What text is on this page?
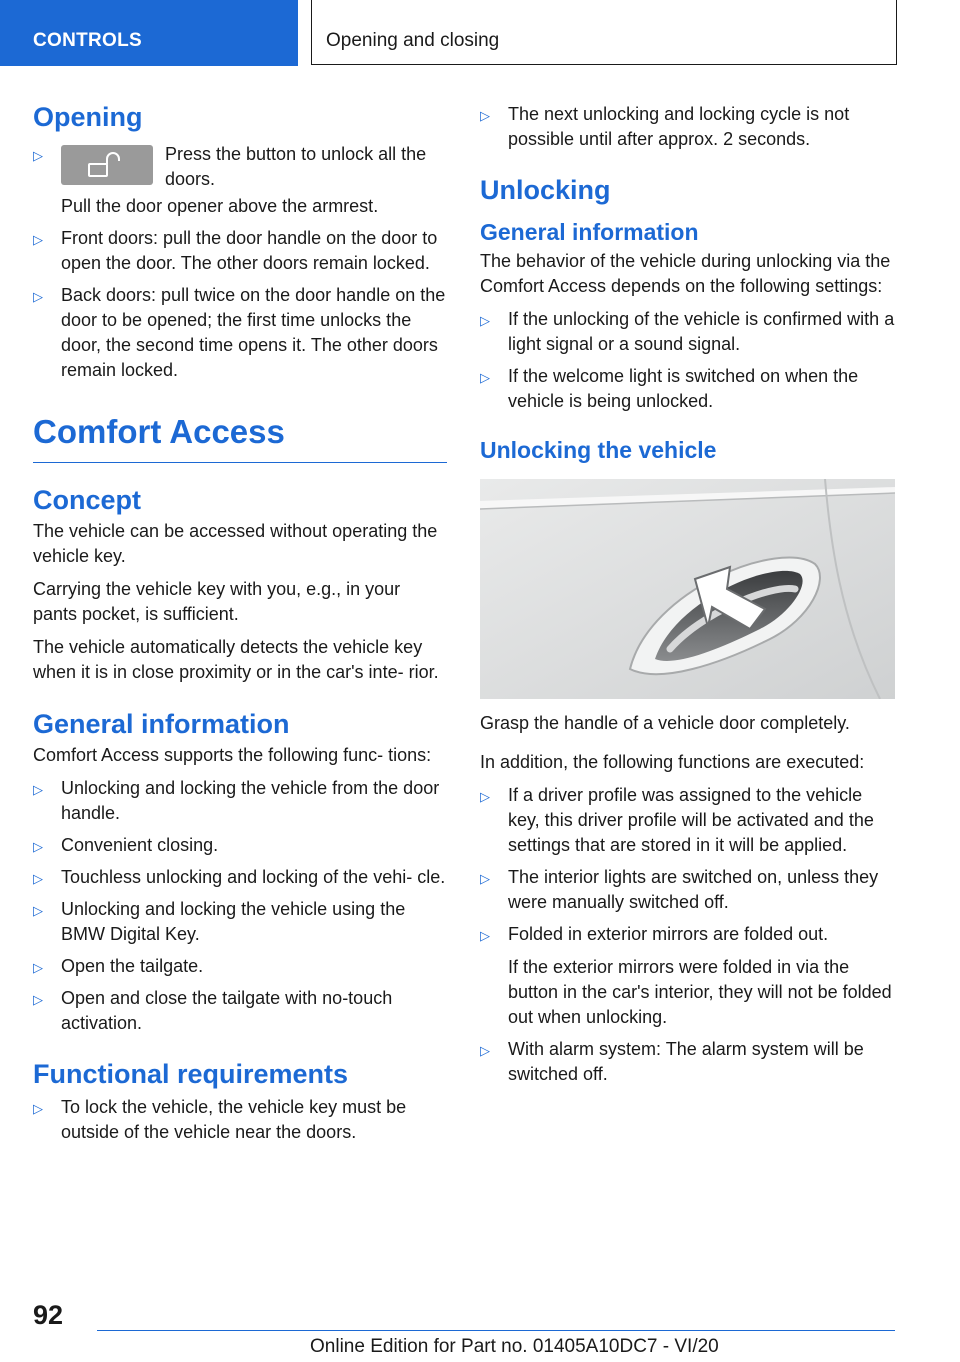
CONTROLS	Opening and closing
Opening
▷	Press the button to unlock all the doors.

Pull the door opener above the armrest.

▷ Front doors: pull the door handle on the door to open the door. The other doors remain locked.

▷ Back doors: pull twice on the door handle on the door to be opened; the first time unlocks the door, the second time opens it. The other doors remain locked.

Comfort Access
Concept

The vehicle can be accessed without operating the vehicle key.

Carrying the vehicle key with you, e.g., in your pants pocket, is sufficient.

The vehicle automatically detects the vehicle key when it is in close proximity or in the car's inte‐ rior.

General information

Comfort Access supports the following func‐ tions:

▷ Unlocking and locking the vehicle from the door handle.

▷ Convenient closing.

▷ Touchless unlocking and locking of the vehi‐ cle.

▷ Unlocking and locking the vehicle using the BMW Digital Key.

▷ Open the tailgate.

▷ Open and close the tailgate with no-touch activation.

Functional requirements
▷ To lock the vehicle, the vehicle key must be outside of the vehicle near the doors.

▷ The next unlocking and locking cycle is not possible until after approx. 2 seconds.

Unlocking
General information

The behavior of the vehicle during unlocking via the Comfort Access depends on the following settings:

▷ If the unlocking of the vehicle is confirmed with a light signal or a sound signal.

▷ If the welcome light is switched on when the vehicle is being unlocked.

Unlocking the vehicle

Grasp the handle of a vehicle door completely.

In addition, the following functions are executed:

▷ If a driver profile was assigned to the vehicle key, this driver profile will be activated and the settings that are stored in it will be applied.

▷ The interior lights are switched on, unless they were manually switched off.

▷ Folded in exterior mirrors are folded out.

If the exterior mirrors were folded in via the button in the car's interior, they will not be folded out when unlocking.

▷ With alarm system: The alarm system will be switched off.

92
Online Edition for Part no. 01405A10DC7 - VI/20
